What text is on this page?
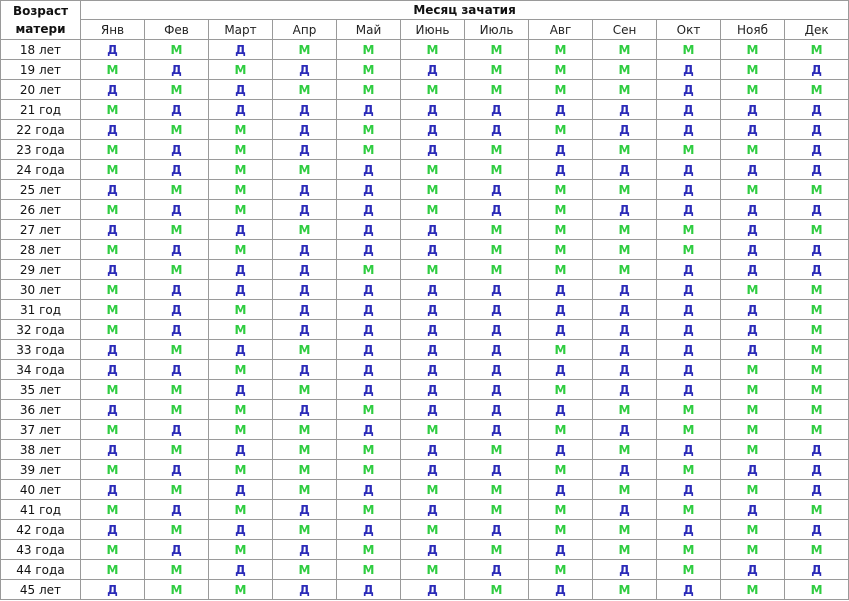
Возраст матери	Месяц зачатия											
	Янв	Фев	Март	Апр	Май	Июнь	Июль	Авг	Сен	Окт	Нояб	Дек
18 лет	Д	М	Д	М	М	М	М	М	М	М	М	М
19 лет	М	Д	М	Д	М	Д	М	М	М	Д	М	Д
20 лет	Д	М	Д	М	М	М	М	М	М	Д	М	М
21 год	М	Д	Д	Д	Д	Д	Д	Д	Д	Д	Д	Д
22 года	Д	М	М	Д	М	Д	Д	М	Д	Д	Д	Д
23 года	М	Д	М	Д	М	Д	М	Д	М	М	М	Д
24 года	М	Д	М	М	Д	М	М	Д	Д	Д	Д	Д
25 лет	Д	М	М	Д	Д	М	Д	М	М	Д	М	М
26 лет	М	Д	М	Д	Д	М	Д	М	Д	Д	Д	Д
27 лет	Д	М	Д	М	Д	Д	М	М	М	М	Д	М
28 лет	М	Д	М	Д	Д	Д	М	М	М	М	Д	Д
29 лет	Д	М	Д	Д	М	М	М	М	М	Д	Д	Д
30 лет	М	Д	Д	Д	Д	Д	Д	Д	Д	Д	М	М
31 год	М	Д	М	Д	Д	Д	Д	Д	Д	Д	Д	М
32 года	М	Д	М	Д	Д	Д	Д	Д	Д	Д	Д	М
33 года	Д	М	Д	М	Д	Д	Д	М	Д	Д	Д	М
34 года	Д	Д	М	Д	Д	Д	Д	Д	Д	Д	М	М
35 лет	М	М	Д	М	Д	Д	Д	М	Д	Д	М	М
36 лет	Д	М	М	Д	М	Д	Д	Д	М	М	М	М
37 лет	М	Д	М	М	Д	М	Д	М	Д	М	М	М
38 лет	Д	М	Д	М	М	Д	М	Д	М	Д	М	Д
39 лет	М	Д	М	М	М	Д	Д	М	Д	М	Д	Д
40 лет	Д	М	Д	М	Д	М	М	Д	М	Д	М	Д
41 год	М	Д	М	Д	М	Д	М	М	Д	М	Д	М
42 года	Д	М	Д	М	Д	М	Д	М	М	Д	М	Д
43 года	М	Д	М	Д	М	Д	М	Д	М	М	М	М
44 года	М	М	Д	М	М	М	Д	М	Д	М	Д	Д
45 лет	Д	М	М	Д	Д	Д	М	Д	М	Д	М	М
